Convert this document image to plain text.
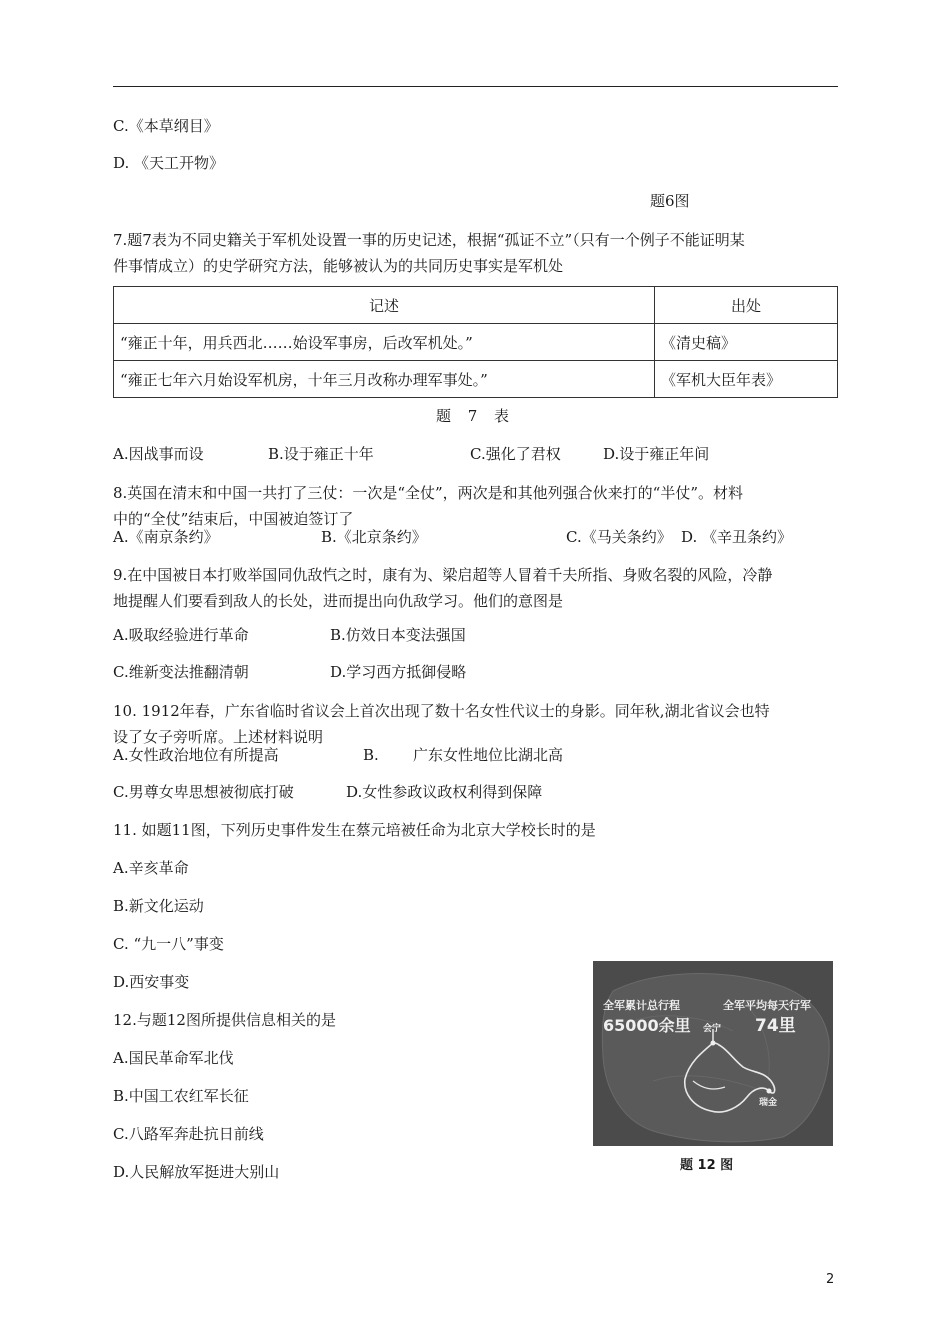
C.《本草纲目》
D. 《天工开物》
题6图
7.题7表为不同史籍关于军机处设置一事的历史记述，根据“孤证不立”（只有一个例子不能证明某
件事情成立）的史学研究方法，能够被认为的共同历史事实是军机处
记述	出处
“雍正十年，用兵西北……始设军事房，后改军机处。”	《清史稿》
“雍正七年六月始设军机房，十年三月改称办理军事处。”	《军机大臣年表》
题 7 表
A.因战事而设	B.设于雍正十年	C.强化了君权	D.设于雍正年间
8.英国在清末和中国一共打了三仗：一次是“全仗”，两次是和其他列强合伙来打的“半仗”。材料
中的“全仗”结束后，中国被迫签订了
A.《南京条约》	B.《北京条约》	C.《马关条约》 D. 《辛丑条约》
9.在中国被日本打败举国同仇敌忾之时，康有为、梁启超等人冒着千夫所指、身败名裂的风险，冷静
地提醒人们要看到敌人的长处，进而提出向仇敌学习。他们的意图是
A.吸取经验进行革命	B.仿效日本变法强国
C.维新变法推翻清朝	D.学习西方抵御侵略
10. 1912年春，广东省临时省议会上首次出现了数十名女性代议士的身影。同年秋,湖北省议会也特
设了女子旁听席。上述材料说明
A.女性政治地位有所提高	B. 广东女性地位比湖北高
C.男尊女卑思想被彻底打破	D.女性参政议政权利得到保障
11. 如题11图，下列历史事件发生在蔡元培被任命为北京大学校长时的是
A.辛亥革命
B.新文化运动
C. “九一八”事变
D.西安事变
12.与题12图所提供信息相关的是
A.国民革命军北伐
B.中国工农红军长征
C.八路军奔赴抗日前线
D.人民解放军挺进大别山
全军累计总行程
65000余里
全军平均每天行军
74里
会宁
瑞金
题 12 图
2
